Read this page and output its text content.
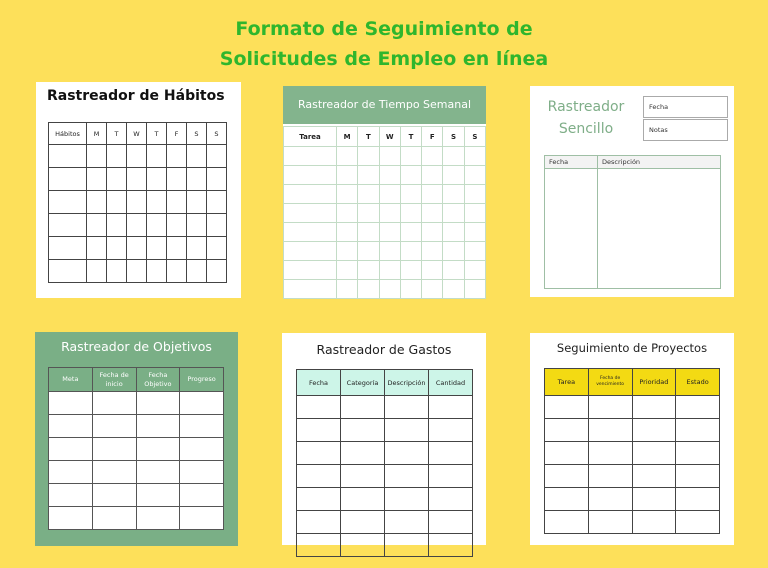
Formato de Seguimiento de
Solicitudes de Empleo en línea
Rastreador de Hábitos
Hábitos	M	T	W	T	F	S	S

Rastreador de Tiempo Semanal
Tarea	M	T	W	T	F	S	S

Rastreador
Sencillo
Fecha
Notas
Fecha	Descripción

Rastreador de Objetivos
Meta	Fecha de inicio	Fecha Objetivo	Progreso

Rastreador de Gastos
Fecha	Categoría	Descripción	Cantidad

Seguimiento de Proyectos
Tarea	Fecha de vencimiento	Prioridad	Estado
